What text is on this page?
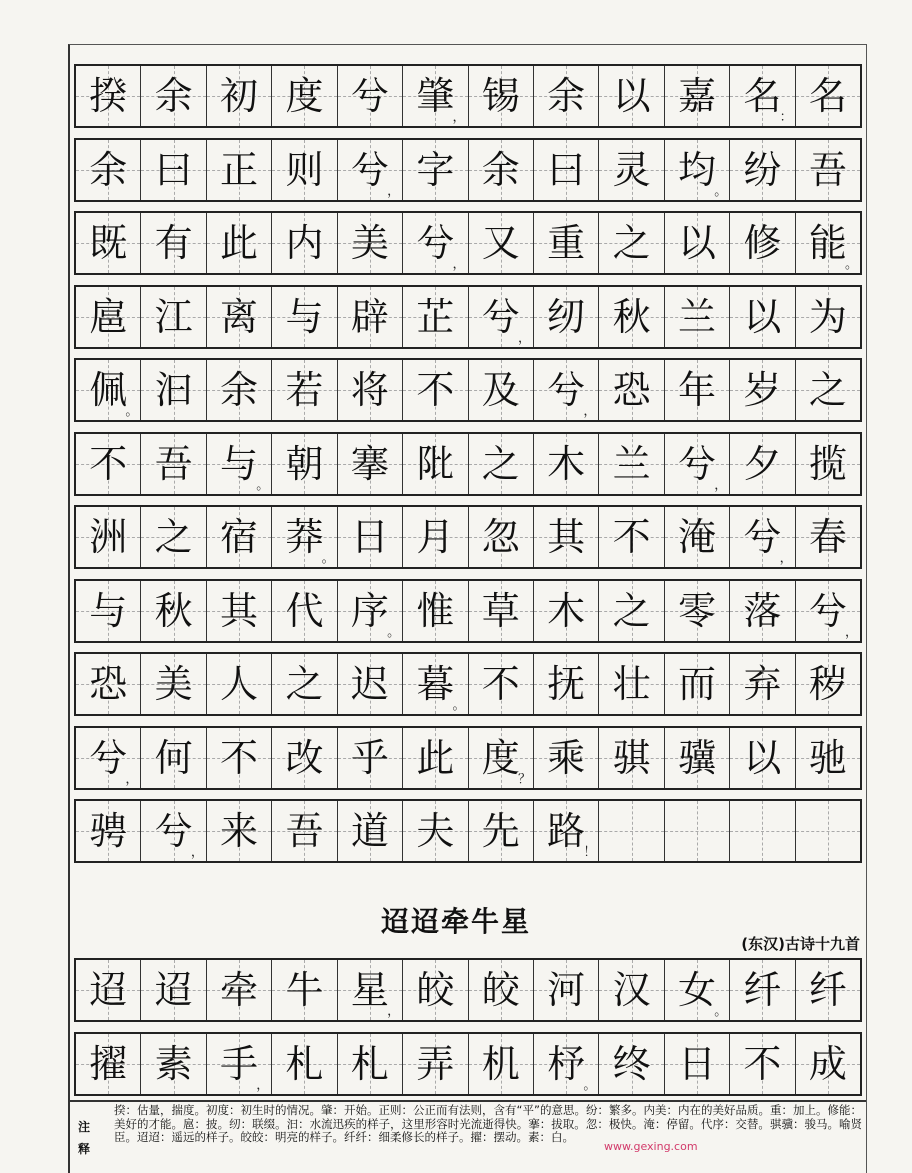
揆 余 初 度 兮 肇
， 锡 余 以 嘉 名
： 名
余 曰 正 则 兮
， 字 余 曰 灵 均
。 纷 吾
既 有 此 内 美 兮
， 又 重 之 以 修 能
。
扈 江 离 与 辟 芷 兮
， 纫 秋 兰 以 为
佩
。 汩 余 若 将 不 及 兮
， 恐 年 岁 之
不 吾 与
。 朝 搴 阰 之 木 兰 兮
， 夕 揽
洲 之 宿 莽
。 日 月 忽 其 不 淹 兮
， 春
与 秋 其 代 序
。 惟 草 木 之 零 落 兮
，
恐 美 人 之 迟 暮
。 不 抚 壮 而 弃 秽
兮
， 何 不 改 乎 此 度
？ 乘 骐 骥 以 驰
骋 兮
， 来 吾 道 夫 先 路
！
迢迢牵牛星
(东汉)古诗十九首
迢 迢 牵 牛 星
， 皎 皎 河 汉 女
。 纤 纤
擢 素 手
， 札 札 弄 机 杼
。 终 日 不 成
注释
揆：估量，揣度。初度：初生时的情况。肇：开始。正则：公正而有法则，含有“平”的意思。纷：繁多。内美：内在的美好品质。重：加上。修能：美好的才能。扈：披。纫：联缀。汩：水流迅疾的样子，这里形容时光流逝得快。搴：拔取。忽：极快。淹：停留。代序：交替。骐骥：骏马。喻贤臣。迢迢：遥远的样子。皎皎：明亮的样子。纤纤：细柔修长的样子。擢：摆动。素：白。
www.gexing.com
